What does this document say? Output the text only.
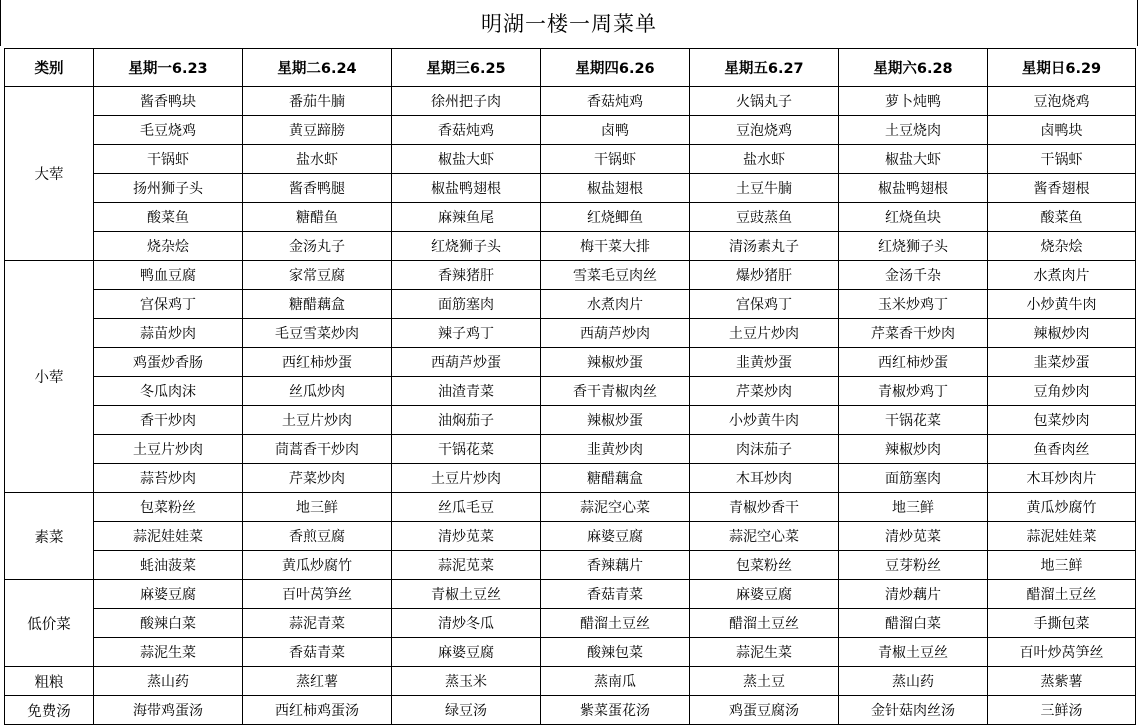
明湖一楼一周菜单
类别	星期一6.23	星期二6.24	星期三6.25	星期四6.26	星期五6.27	星期六6.28	星期日6.29
大荤	酱香鸭块	番茄牛腩	徐州把子肉	香菇炖鸡	火锅丸子	萝卜炖鸭	豆泡烧鸡
	毛豆烧鸡	黄豆蹄膀	香菇炖鸡	卤鸭	豆泡烧鸡	土豆烧肉	卤鸭块
	干锅虾	盐水虾	椒盐大虾	干锅虾	盐水虾	椒盐大虾	干锅虾
	扬州狮子头	酱香鸭腿	椒盐鸭翅根	椒盐翅根	土豆牛腩	椒盐鸭翅根	酱香翅根
	酸菜鱼	糖醋鱼	麻辣鱼尾	红烧鲫鱼	豆豉蒸鱼	红烧鱼块	酸菜鱼
	烧杂烩	金汤丸子	红烧狮子头	梅干菜大排	清汤素丸子	红烧狮子头	烧杂烩
小荤	鸭血豆腐	家常豆腐	香辣猪肝	雪菜毛豆肉丝	爆炒猪肝	金汤千杂	水煮肉片
	宫保鸡丁	糖醋藕盒	面筋塞肉	水煮肉片	宫保鸡丁	玉米炒鸡丁	小炒黄牛肉
	蒜苗炒肉	毛豆雪菜炒肉	辣子鸡丁	西葫芦炒肉	土豆片炒肉	芹菜香干炒肉	辣椒炒肉
	鸡蛋炒香肠	西红柿炒蛋	西葫芦炒蛋	辣椒炒蛋	韭黄炒蛋	西红柿炒蛋	韭菜炒蛋
	冬瓜肉沫	丝瓜炒肉	油渣青菜	香干青椒肉丝	芹菜炒肉	青椒炒鸡丁	豆角炒肉
	香干炒肉	土豆片炒肉	油焖茄子	辣椒炒蛋	小炒黄牛肉	干锅花菜	包菜炒肉
	土豆片炒肉	茼蒿香干炒肉	干锅花菜	韭黄炒肉	肉沫茄子	辣椒炒肉	鱼香肉丝
	蒜苔炒肉	芹菜炒肉	土豆片炒肉	糖醋藕盒	木耳炒肉	面筋塞肉	木耳炒肉片
素菜	包菜粉丝	地三鲜	丝瓜毛豆	蒜泥空心菜	青椒炒香干	地三鲜	黄瓜炒腐竹
	蒜泥娃娃菜	香煎豆腐	清炒苋菜	麻婆豆腐	蒜泥空心菜	清炒苋菜	蒜泥娃娃菜
	蚝油菠菜	黄瓜炒腐竹	蒜泥苋菜	香辣藕片	包菜粉丝	豆芽粉丝	地三鲜
低价菜	麻婆豆腐	百叶莴笋丝	青椒土豆丝	香菇青菜	麻婆豆腐	清炒藕片	醋溜土豆丝
	酸辣白菜	蒜泥青菜	清炒冬瓜	醋溜土豆丝	醋溜土豆丝	醋溜白菜	手撕包菜
	蒜泥生菜	香菇青菜	麻婆豆腐	酸辣包菜	蒜泥生菜	青椒土豆丝	百叶炒莴笋丝
粗粮	蒸山药	蒸红薯	蒸玉米	蒸南瓜	蒸土豆	蒸山药	蒸紫薯
免费汤	海带鸡蛋汤	西红柿鸡蛋汤	绿豆汤	紫菜蛋花汤	鸡蛋豆腐汤	金针菇肉丝汤	三鲜汤
